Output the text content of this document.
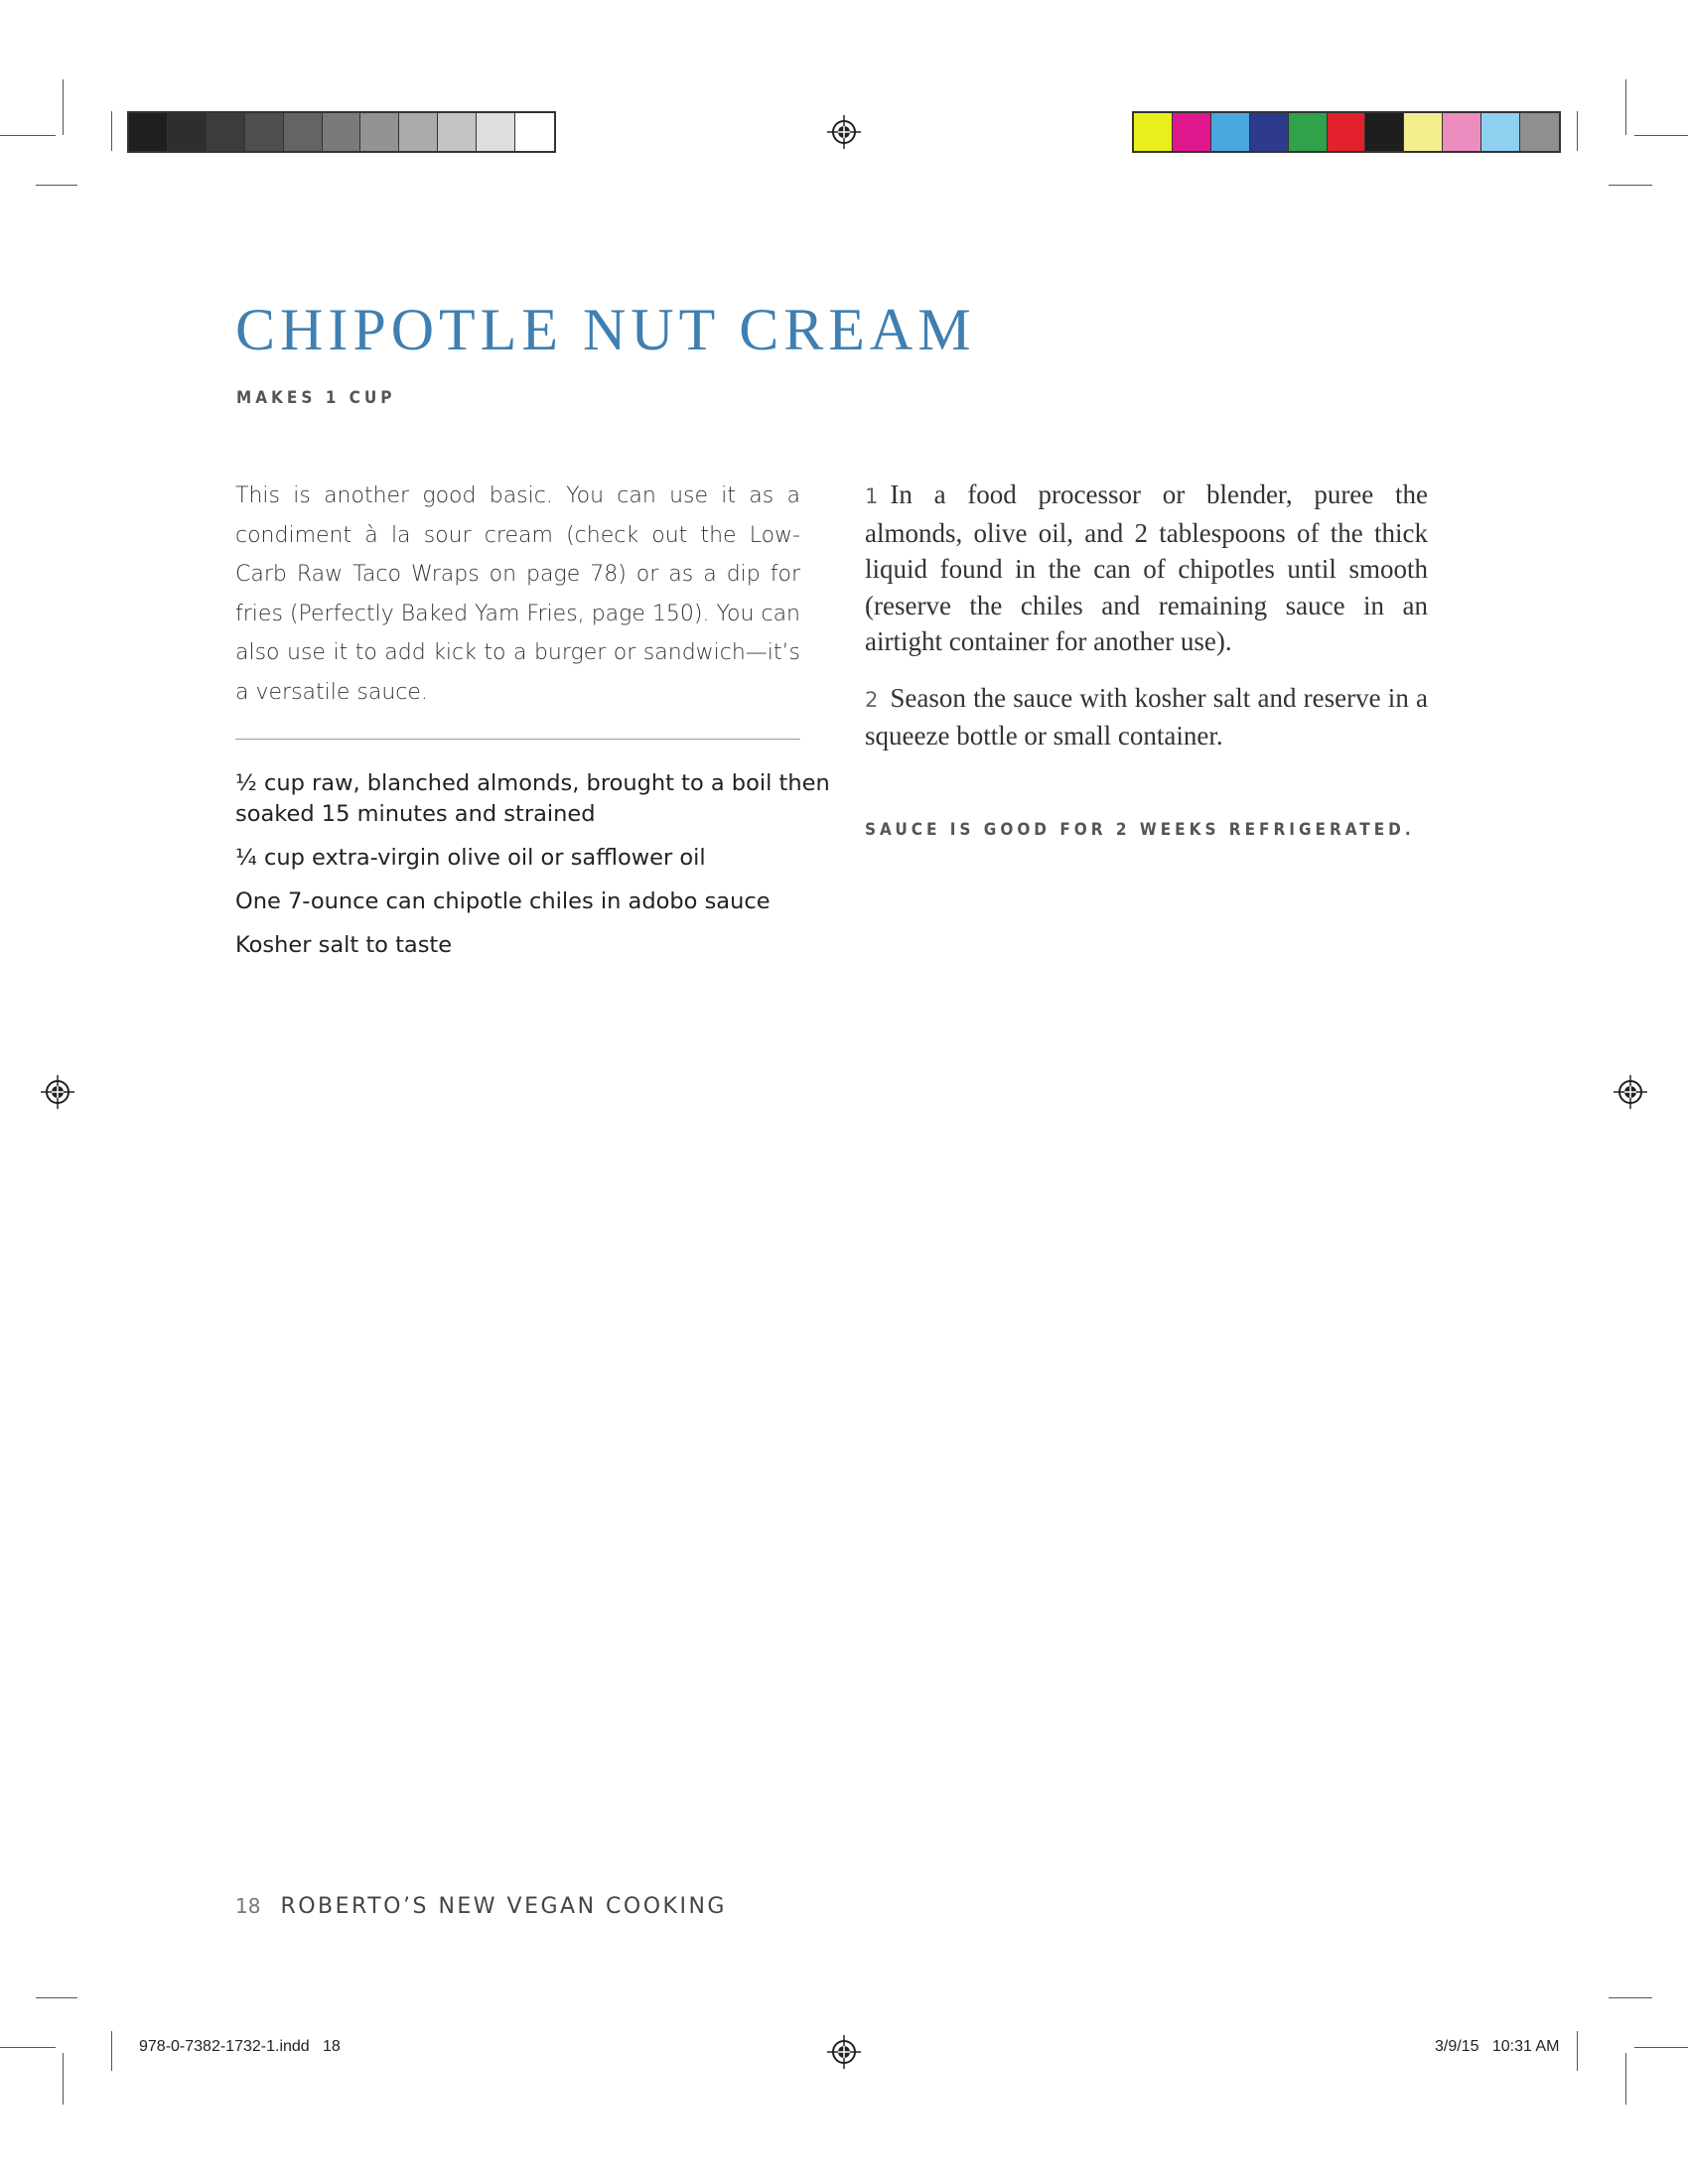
CHIPOTLE NUT CREAM
MAKES 1 CUP

This is another good basic. You can use it as a condiment à la sour cream (check out the Low-Carb Raw Taco Wraps on page 78) or as a dip for fries (Perfectly Baked Yam Fries, page 150). You can also use it to add kick to a burger or sandwich—it’s a versatile sauce.

½ cup raw, blanched almonds, brought to a boil then soaked 15 minutes and strained
¼ cup extra-virgin olive oil or safflower oil
One 7-ounce can chipotle chiles in adobo sauce
Kosher salt to taste
1 In a food processor or blender, puree the almonds, olive oil, and 2 tablespoons of the thick liquid found in the can of chipotles until smooth (reserve the chiles and remaining sauce in an airtight container for another use).
2 Season the sauce with kosher salt and reserve in a squeeze bottle or small container.
SAUCE IS GOOD FOR 2 WEEKS REFRIGERATED.
18 ROBERTO’S NEW VEGAN COOKING
978-0-7382-1732-1.indd   18	3/9/15   10:31 AM
